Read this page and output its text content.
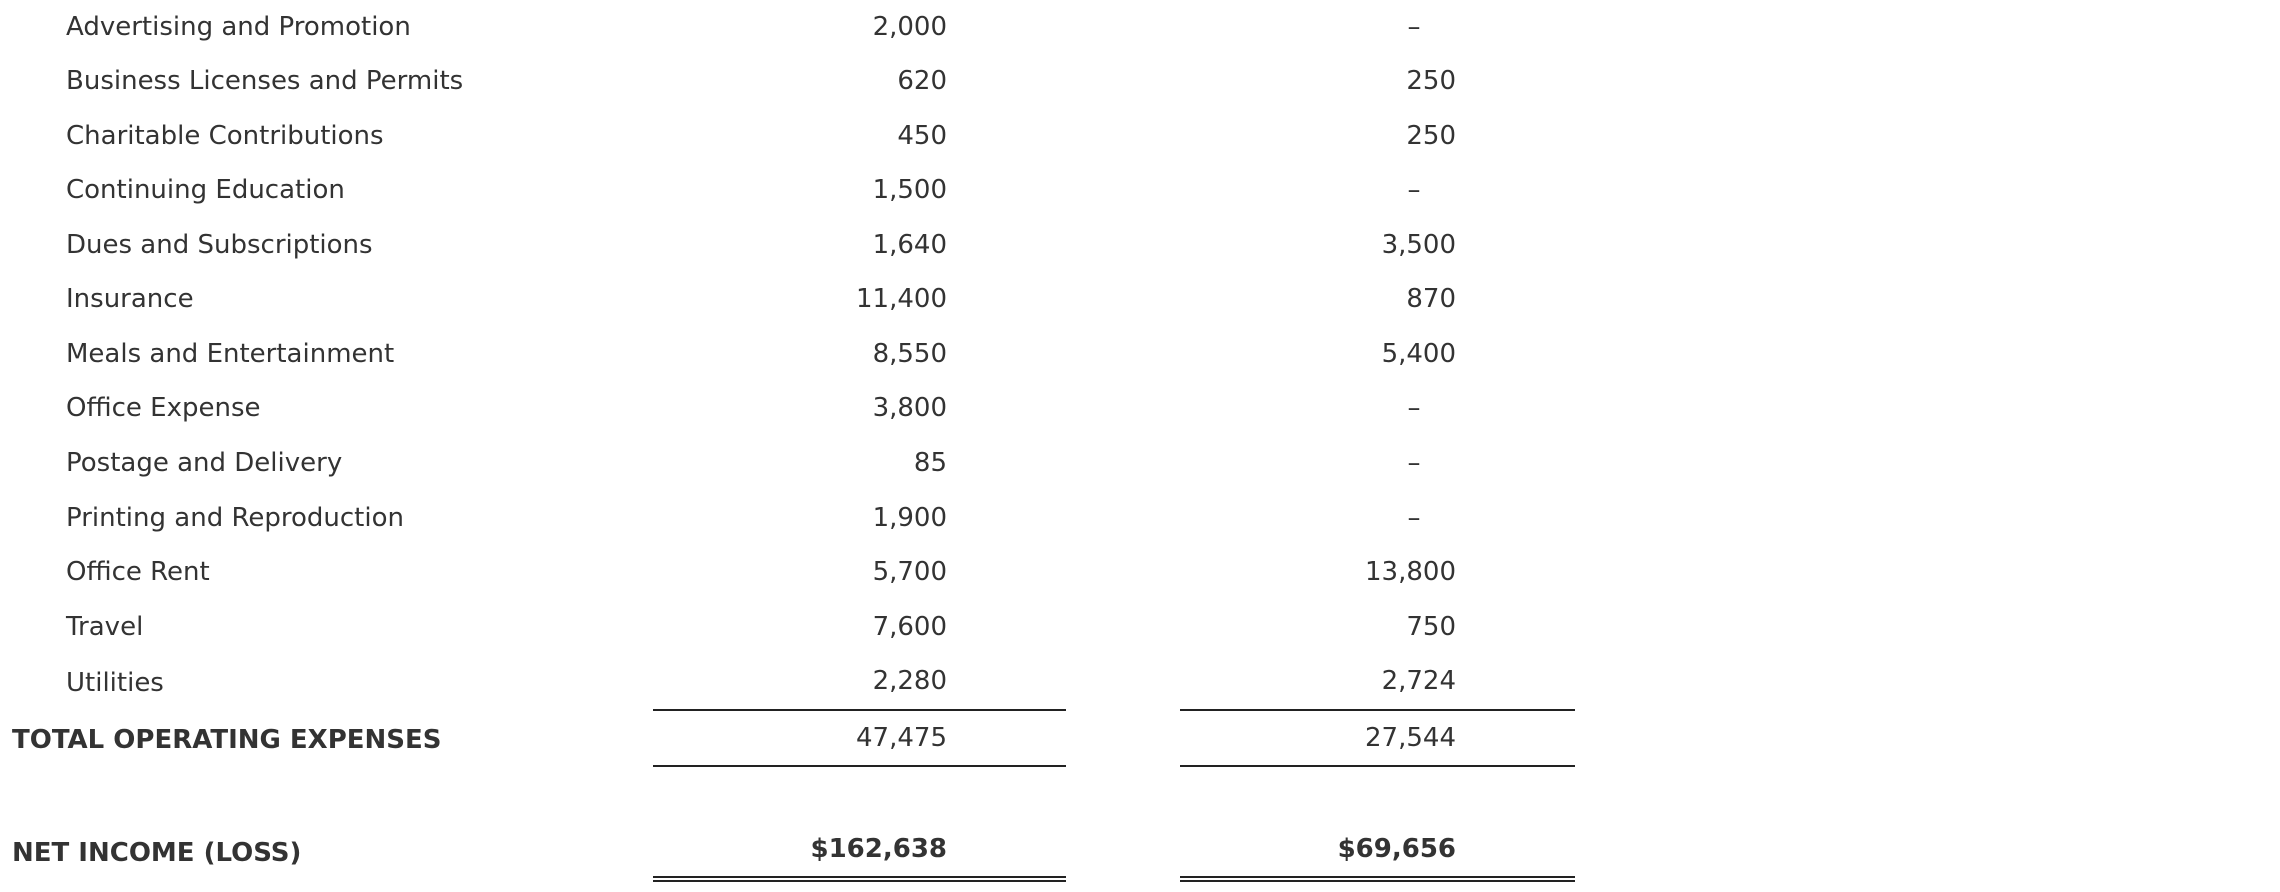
Advertising and Promotion	2,000	–
Business Licenses and Permits	620	250
Charitable Contributions	450	250
Continuing Education	1,500	–
Dues and Subscriptions	1,640	3,500
Insurance	11,400	870
Meals and Entertainment	8,550	5,400
Office Expense	3,800	–
Postage and Delivery	85	–
Printing and Reproduction	1,900	–
Office Rent	5,700	13,800
Travel	7,600	750
Utilities	2,280	2,724
TOTAL OPERATING EXPENSES	47,475	27,544
NET INCOME (LOSS)	$162,638	$69,656
